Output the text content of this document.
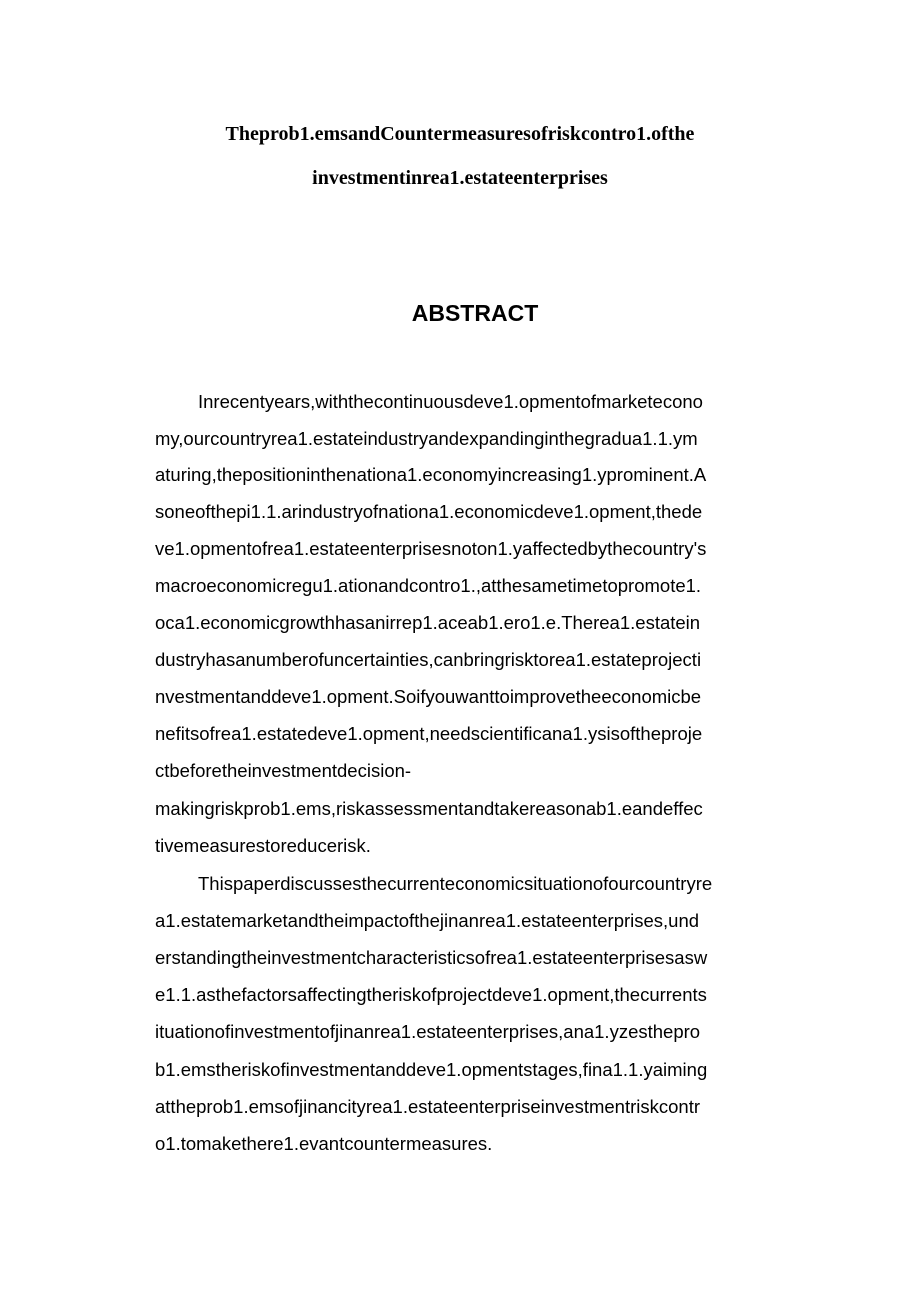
Theprob1.emsandCountermeasuresofriskcontro1.ofthe
investmentinrea1.estateenterprises
ABSTRACT
Inrecentyears,withthecontinuousdeve1.opmentofmarketecono
my,ourcountryrea1.estateindustryandexpandinginthegradua1.1.ym
aturing,thepositioninthenationa1.economyincreasing1.yprominent.A
soneofthepi1.1.arindustryofnationa1.economicdeve1.opment,thede
ve1.opmentofrea1.estateenterprisesnoton1.yaffectedbythecountry's
macroeconomicregu1.ationandcontro1.,atthesametimetopromote1.
oca1.economicgrowthhasanirrep1.aceab1.ero1.e.Therea1.estatein
dustryhasanumberofuncertainties,canbringrisktorea1.estateprojecti
nvestmentanddeve1.opment.Soifyouwanttoimprovetheeconomicbe
nefitsofrea1.estatedeve1.opment,needscientificana1.ysisoftheproje
ctbeforetheinvestmentdecision-
makingriskprob1.ems,riskassessmentandtakereasonab1.eandeffec
tivemeasurestoreducerisk.
Thispaperdiscussesthecurrenteconomicsituationofourcountryre
a1.estatemarketandtheimpactofthejinanrea1.estateenterprises,und
erstandingtheinvestmentcharacteristicsofrea1.estateenterprisesasw
e1.1.asthefactorsaffectingtheriskofprojectdeve1.opment,thecurrents
ituationofinvestmentofjinanrea1.estateenterprises,ana1.yzesthepro
b1.emstheriskofinvestmentanddeve1.opmentstages,fina1.1.yaiming
attheprob1.emsofjinancityrea1.estateenterpriseinvestmentriskcontr
o1.tomakethere1.evantcountermeasures.
